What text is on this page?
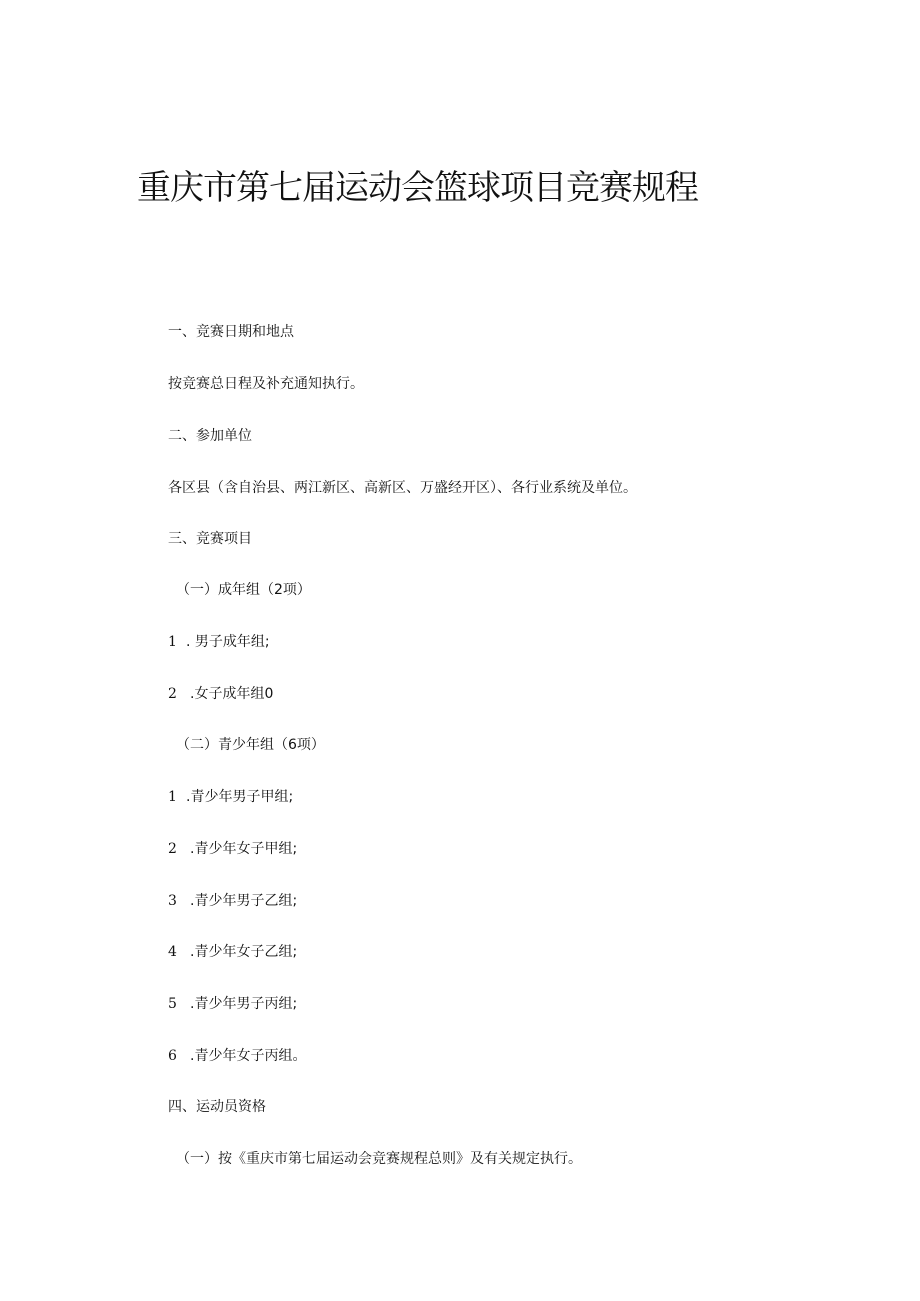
重庆市第七届运动会篮球项目竞赛规程

一、竞赛日期和地点

按竞赛总日程及补充通知执行。

二、参加单位

各区县（含自治县、两江新区、高新区、万盛经开区）、各行业系统及单位。

三、竞赛项目

（一）成年组（2项）

1 . 男子成年组;

2 .女子成年组0

（二）青少年组（6项）

1 .青少年男子甲组;

2 .青少年女子甲组;

3 .青少年男子乙组;

4 .青少年女子乙组;

5 .青少年男子丙组;

6 .青少年女子丙组。

四、运动员资格

（一）按《重庆市第七届运动会竞赛规程总则》及有关规定执行。
